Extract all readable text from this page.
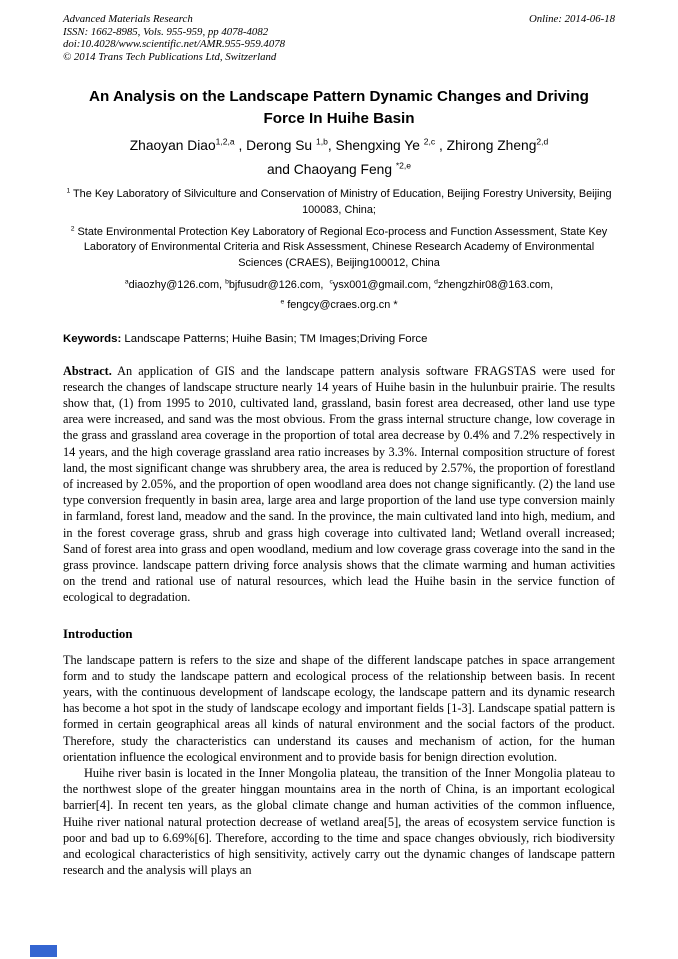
Advanced Materials Research
ISSN: 1662-8985, Vols. 955-959, pp 4078-4082
doi:10.4028/www.scientific.net/AMR.955-959.4078
© 2014 Trans Tech Publications Ltd, Switzerland
Online: 2014-06-18
An Analysis on the Landscape Pattern Dynamic Changes and Driving
Force In Huihe Basin
Zhaoyan Diao$^{1,2,a}$ , Derong Su $^{1,b}$, Shengxing Ye $^{2,c}$ , Zhirong Zheng$^{2,d}$
and Chaoyang Feng $^{*2,e}$
$^1$ The Key Laboratory of Silviculture and Conservation of Ministry of Education, Beijing Forestry University, Beijing 100083, China;
$^2$ State Environmental Protection Key Laboratory of Regional Eco-process and Function Assessment, State Key Laboratory of Environmental Criteria and Risk Assessment, Chinese Research Academy of Environmental Sciences (CRAES), Beijing100012, China
$^a$diaozhy@126.com, $^b$bjfusudr@126.com,  $^c$ysx001@gmail.com, $^d$zhengzhir08@163.com,
$^e$ fengcy@craes.org.cn *

Keywords: Landscape Patterns; Huihe Basin; TM Images;Driving Force

Abstract. An application of GIS and the landscape pattern analysis software FRAGSTAS were used for research the changes of landscape structure nearly 14 years of Huihe basin in the hulunbuir prairie. The results show that, (1) from 1995 to 2010, cultivated land, grassland, basin forest area decreased, other land use type area were increased, and sand was the most obvious. From the grass internal structure change, low coverage in the grass and grassland area coverage in the proportion of total area decrease by 0.4% and 7.2% respectively in 14 years, and the high coverage grassland area ratio increases by 3.3%. Internal composition structure of forest land, the most significant change was shrubbery area, the area is reduced by 2.57%, the proportion of forestland of increased by 2.05%, and the proportion of open woodland area does not change significantly. (2) the land use type conversion frequently in basin area, large area and large proportion of the land use type conversion mainly in farmland, forest land, meadow and the sand. In the province, the main cultivated land into high, medium, and in the forest coverage grass, shrub and grass high coverage into cultivated land; Wetland overall increased; Sand of forest area into grass and open woodland, medium and low coverage grass coverage into the sand in the grass province. landscape pattern driving force analysis shows that the climate warming and human activities on the trend and rational use of natural resources, which lead the Huihe basin in the service function of ecological to degradation.

Introduction

The landscape pattern is refers to the size and shape of the different landscape patches in space arrangement form and to study the landscape pattern and ecological process of the relationship between basis. In recent years, with the continuous development of landscape ecology, the landscape pattern and its dynamic research has become a hot spot in the study of landscape ecology and important fields [1-3]. Landscape spatial pattern is formed in certain geographical areas all kinds of natural environment and the social factors of the product. Therefore, study the characteristics can understand its causes and mechanism of action, for the human orientation influence the ecological environment and to provide basis for benign direction evolution.

Huihe river basin is located in the Inner Mongolia plateau, the transition of the Inner Mongolia plateau to the northwest slope of the greater hinggan mountains area in the north of China, is an important ecological barrier[4]. In recent ten years, as the global climate change and human activities of the common influence, Huihe river national natural protection decrease of wetland area[5], the areas of ecosystem service function is poor and bad up to 6.69%[6]. Therefore, according to the time and space changes obviously, rich biodiversity and ecological characteristics of high sensitivity, actively carry out the dynamic changes of landscape pattern research and the analysis will plays an
